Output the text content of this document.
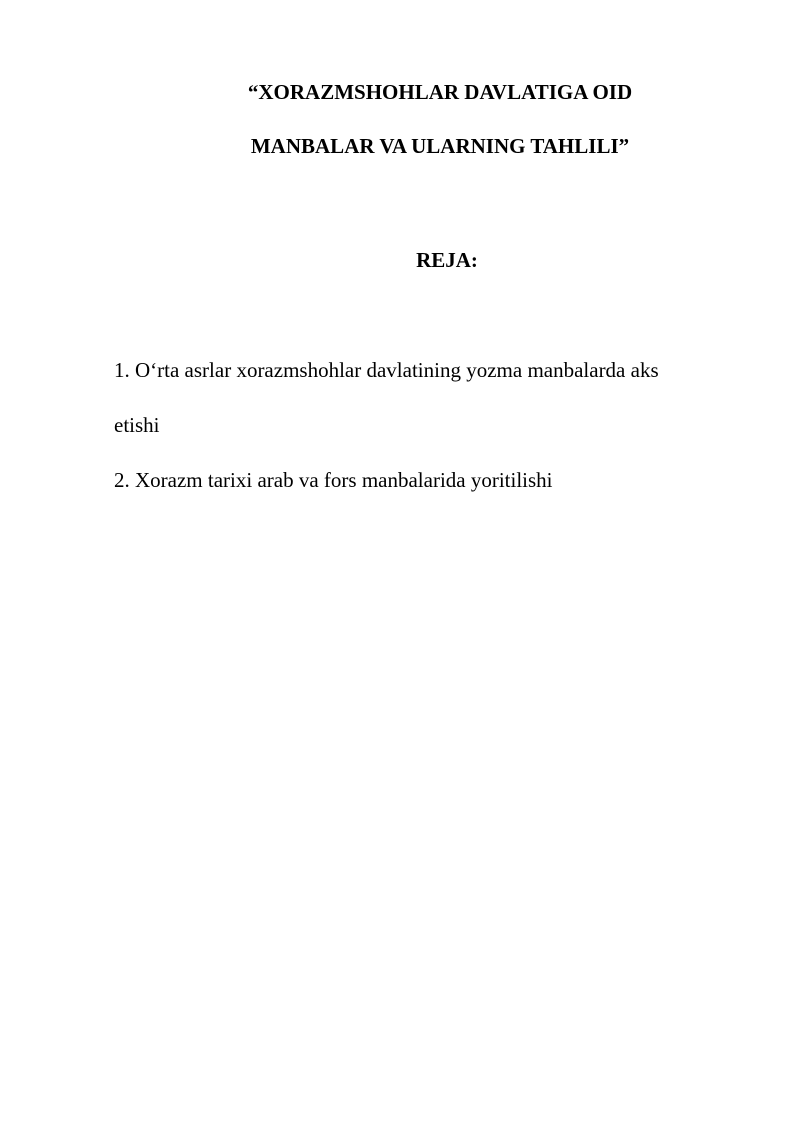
“XORAZMSHOHLAR DAVLATIGA OID
MANBALAR VA ULARNING TAHLILI”
REJA:
1. O‘rta asrlar xorazmshohlar davlatining yozma manbalarda aks
etishi
2. Xorazm tarixi arab va fors manbalarida yoritilishi
